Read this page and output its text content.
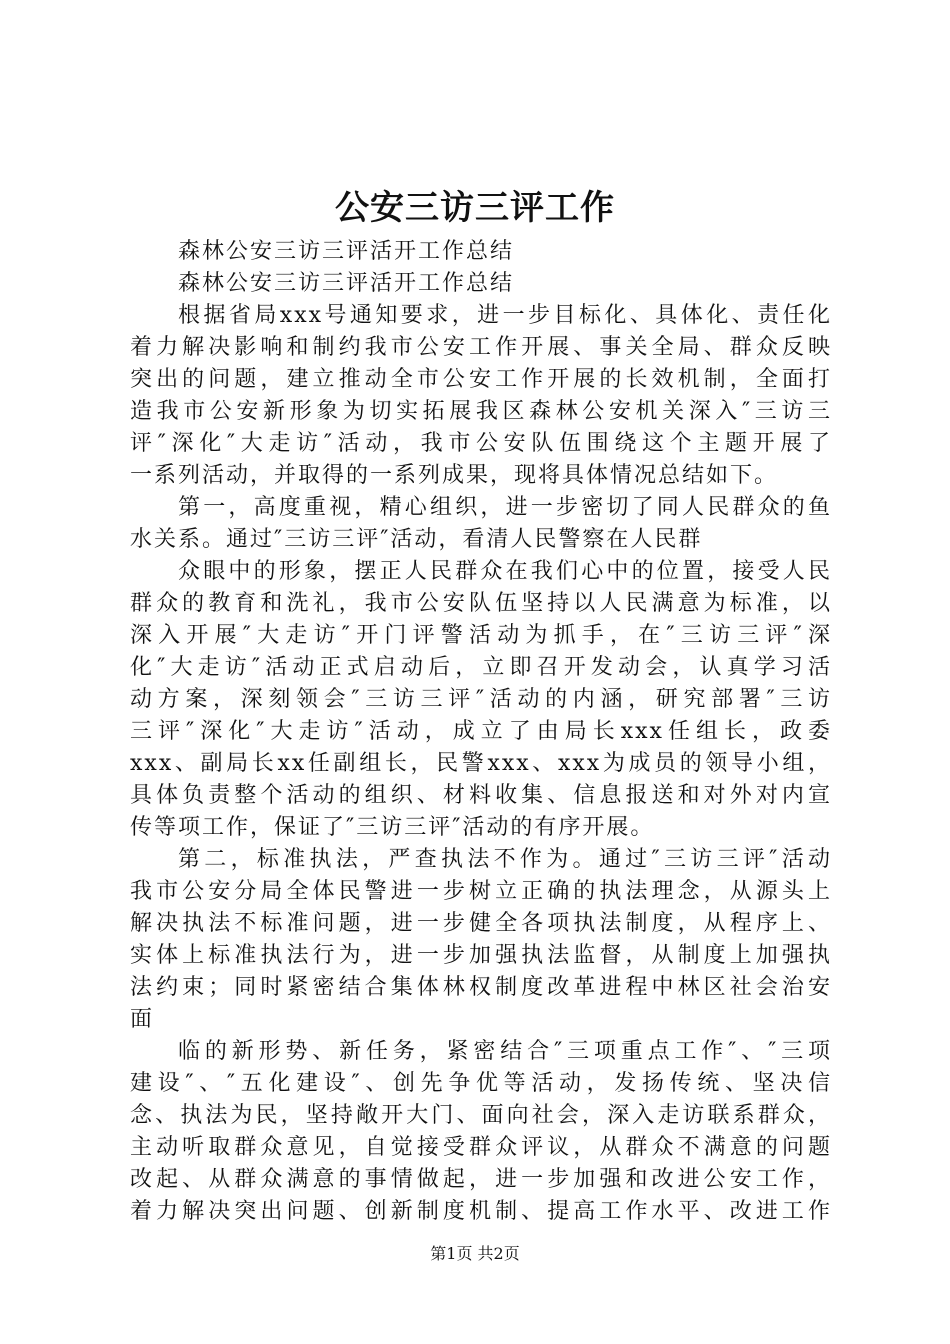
公安三访三评工作
森林公安三访三评活开工作总结
森林公安三访三评活开工作总结
根据省局xxx号通知要求，进一步目标化、具体化、责任化
着力解决影响和制约我市公安工作开展、事关全局、群众反映
突出的问题，建立推动全市公安工作开展的长效机制，全面打
造我市公安新形象为切实拓展我区森林公安机关深入″三访三
评″深化″大走访″活动，我市公安队伍围绕这个主题开展了
一系列活动，并取得的一系列成果，现将具体情况总结如下。
第一，高度重视，精心组织，进一步密切了同人民群众的鱼
水关系。通过″三访三评″活动，看清人民警察在人民群
众眼中的形象，摆正人民群众在我们心中的位置，接受人民
群众的教育和洗礼，我市公安队伍坚持以人民满意为标准，以
深入开展″大走访″开门评警活动为抓手，在″三访三评″深
化″大走访″活动正式启动后，立即召开发动会，认真学习活
动方案，深刻领会″三访三评″活动的内涵，研究部署″三访
三评″深化″大走访″活动，成立了由局长xxx任组长，政委
xxx、副局长xx任副组长，民警xxx、xxx为成员的领导小组，
具体负责整个活动的组织、材料收集、信息报送和对外对内宣
传等项工作，保证了″三访三评″活动的有序开展。
第二，标准执法，严查执法不作为。通过″三访三评″活动
我市公安分局全体民警进一步树立正确的执法理念，从源头上
解决执法不标准问题，进一步健全各项执法制度，从程序上、
实体上标准执法行为，进一步加强执法监督，从制度上加强执
法约束；同时紧密结合集体林权制度改革进程中林区社会治安
面
临的新形势、新任务，紧密结合″三项重点工作″、″三项
建设″、″五化建设″、创先争优等活动，发扬传统、坚决信
念、执法为民，坚持敞开大门、面向社会，深入走访联系群众，
主动听取群众意见，自觉接受群众评议，从群众不满意的问题
改起、从群众满意的事情做起，进一步加强和改进公安工作，
着力解决突出问题、创新制度机制、提高工作水平、改进工作
第1页 共2页
